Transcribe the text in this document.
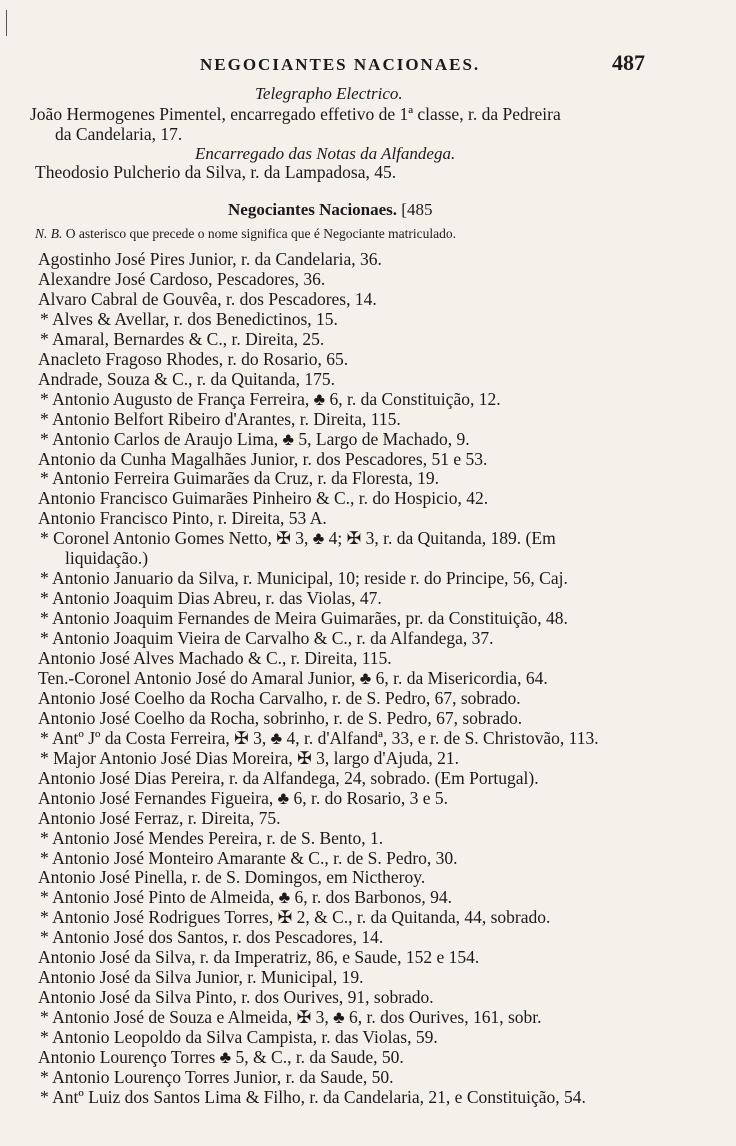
NEGOCIANTES NACIONAES.	487
Telegrapho Electrico.
João Hermogenes Pimentel, encarregado effetivo de 1ª classe, r. da Pedreira
da Candelaria, 17.
Encarregado das Notas da Alfandega.
Theodosio Pulcherio da Silva, r. da Lampadosa, 45.
Negociantes Nacionaes. [485
N. B. O asterisco que precede o nome significa que é Negociante matriculado.
Agostinho José Pires Junior, r. da Candelaria, 36.
Alexandre José Cardoso, Pescadores, 36.
Alvaro Cabral de Gouvêa, r. dos Pescadores, 14.
* Alves & Avellar, r. dos Benedictinos, 15.
* Amaral, Bernardes & C., r. Direita, 25.
Anacleto Fragoso Rhodes, r. do Rosario, 65.
Andrade, Souza & C., r. da Quitanda, 175.
* Antonio Augusto de França Ferreira, ♣ 6, r. da Constituição, 12.
* Antonio Belfort Ribeiro d'Arantes, r. Direita, 115.
* Antonio Carlos de Araujo Lima, ♣ 5, Largo de Machado, 9.
Antonio da Cunha Magalhães Junior, r. dos Pescadores, 51 e 53.
* Antonio Ferreira Guimarães da Cruz, r. da Floresta, 19.
Antonio Francisco Guimarães Pinheiro & C., r. do Hospicio, 42.
Antonio Francisco Pinto, r. Direita, 53 A.
* Coronel Antonio Gomes Netto, ✠ 3, ♣ 4; ✠ 3, r. da Quitanda, 189. (Em
liquidação.)
* Antonio Januario da Silva, r. Municipal, 10; reside r. do Principe, 56, Caj.
* Antonio Joaquim Dias Abreu, r. das Violas, 47.
* Antonio Joaquim Fernandes de Meira Guimarães, pr. da Constituição, 48.
* Antonio Joaquim Vieira de Carvalho & C., r. da Alfandega, 37.
Antonio José Alves Machado & C., r. Direita, 115.
Ten.-Coronel Antonio José do Amaral Junior, ♣ 6, r. da Misericordia, 64.
Antonio José Coelho da Rocha Carvalho, r. de S. Pedro, 67, sobrado.
Antonio José Coelho da Rocha, sobrinho, r. de S. Pedro, 67, sobrado.
* Antº Jº da Costa Ferreira, ✠ 3, ♣ 4, r. d'Alfandª, 33, e r. de S. Christovão, 113.
* Major Antonio José Dias Moreira, ✠ 3, largo d'Ajuda, 21.
Antonio José Dias Pereira, r. da Alfandega, 24, sobrado. (Em Portugal).
Antonio José Fernandes Figueira, ♣ 6, r. do Rosario, 3 e 5.
Antonio José Ferraz, r. Direita, 75.
* Antonio José Mendes Pereira, r. de S. Bento, 1.
* Antonio José Monteiro Amarante & C., r. de S. Pedro, 30.
Antonio José Pinella, r. de S. Domingos, em Nictheroy.
* Antonio José Pinto de Almeida, ♣ 6, r. dos Barbonos, 94.
* Antonio José Rodrigues Torres, ✠ 2, & C., r. da Quitanda, 44, sobrado.
* Antonio José dos Santos, r. dos Pescadores, 14.
Antonio José da Silva, r. da Imperatriz, 86, e Saude, 152 e 154.
Antonio José da Silva Junior, r. Municipal, 19.
Antonio José da Silva Pinto, r. dos Ourives, 91, sobrado.
* Antonio José de Souza e Almeida, ✠ 3, ♣ 6, r. dos Ourives, 161, sobr.
* Antonio Leopoldo da Silva Campista, r. das Violas, 59.
Antonio Lourenço Torres ♣ 5, & C., r. da Saude, 50.
* Antonio Lourenço Torres Junior, r. da Saude, 50.
* Antº Luiz dos Santos Lima & Filho, r. da Candelaria, 21, e Constituição, 54.
